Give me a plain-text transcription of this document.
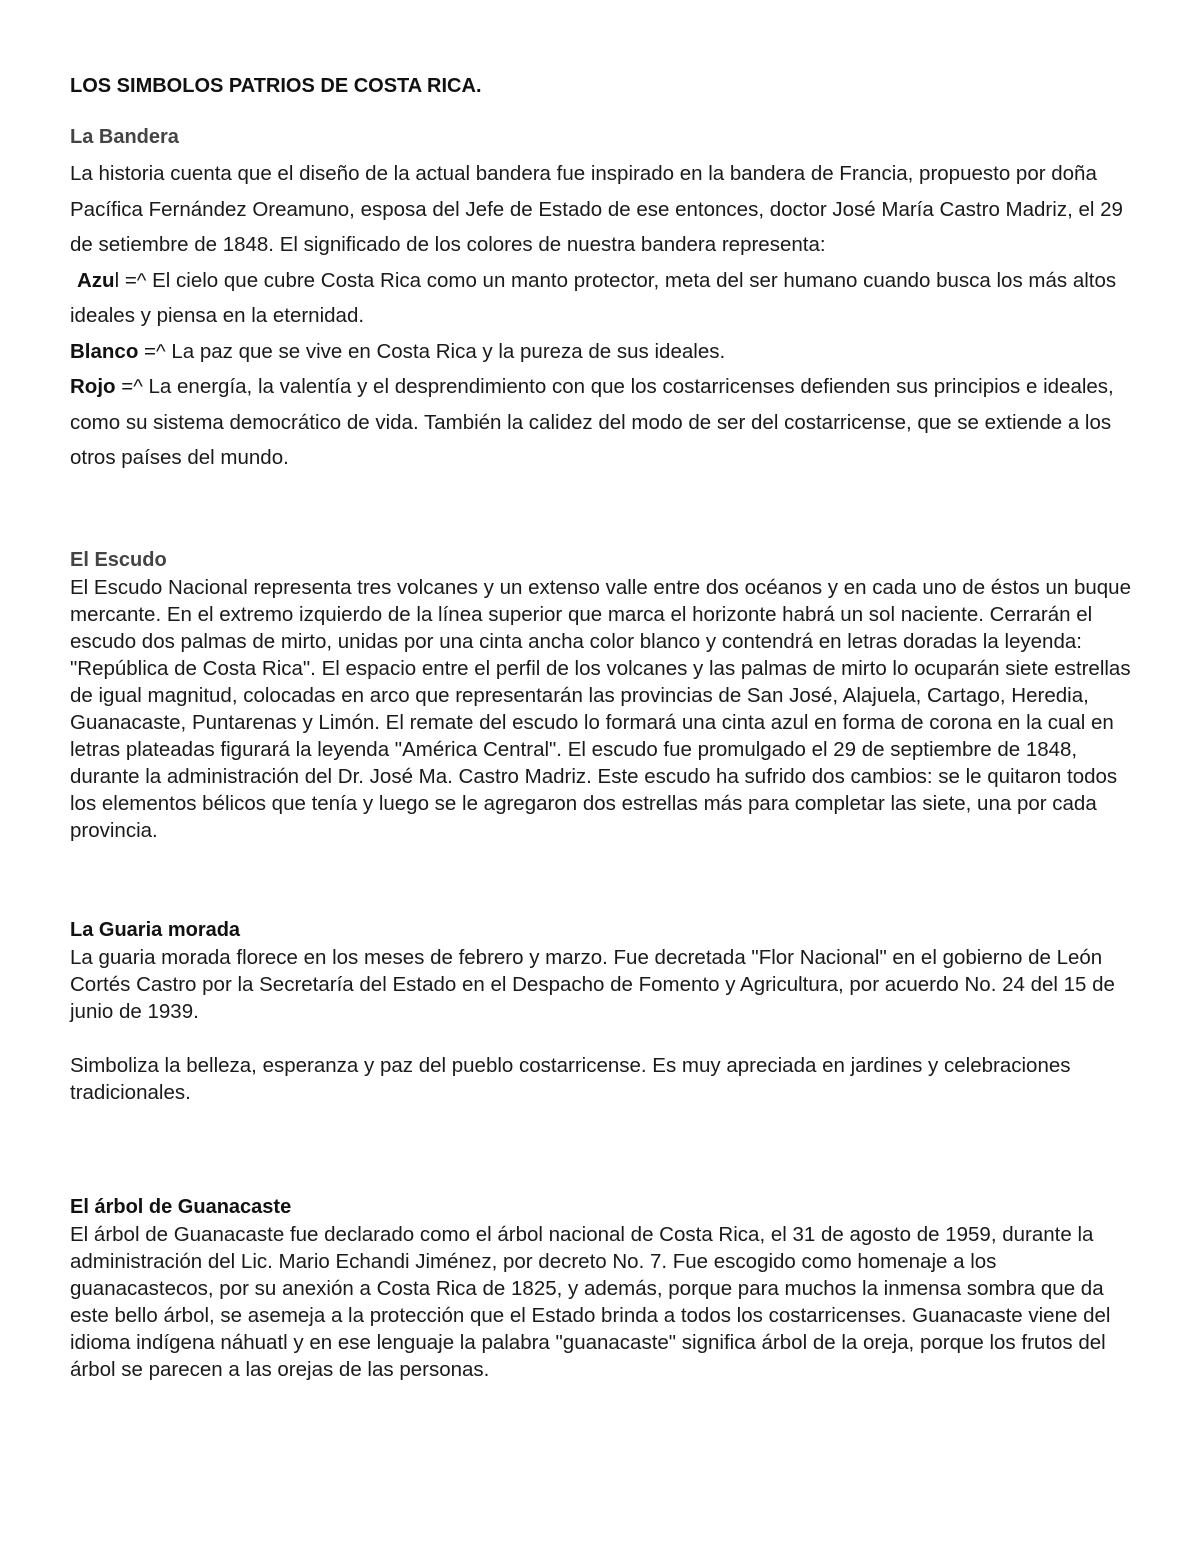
LOS SIMBOLOS PATRIOS DE COSTA RICA.
La Bandera

La historia cuenta que el diseño de la actual bandera fue inspirado en la bandera de Francia, propuesto por doña Pacífica Fernández Oreamuno, esposa del Jefe de Estado de ese entonces, doctor José María Castro Madriz, el 29 de setiembre de 1848. El significado de los colores de nuestra bandera representa:

Azul =^ El cielo que cubre Costa Rica como un manto protector, meta del ser humano cuando busca los más altos ideales y piensa en la eternidad.

Blanco =^ La paz que se vive en Costa Rica y la pureza de sus ideales.

Rojo =^ La energía, la valentía y el desprendimiento con que los costarricenses defienden sus principios e ideales, como su sistema democrático de vida. También la calidez del modo de ser del costarricense, que se extiende a los otros países del mundo.

El Escudo

El Escudo Nacional representa tres volcanes y un extenso valle entre dos océanos y en cada uno de éstos un buque mercante. En el extremo izquierdo de la línea superior que marca el horizonte habrá un sol naciente. Cerrarán el escudo dos palmas de mirto, unidas por una cinta ancha color blanco y contendrá en letras doradas la leyenda: "República de Costa Rica". El espacio entre el perfil de los volcanes y las palmas de mirto lo ocuparán siete estrellas de igual magnitud, colocadas en arco que representarán las provincias de San José, Alajuela, Cartago, Heredia, Guanacaste, Puntarenas y Limón. El remate del escudo lo formará una cinta azul en forma de corona en la cual en letras plateadas figurará la leyenda "América Central". El escudo fue promulgado el 29 de septiembre de 1848, durante la administración del Dr. José Ma. Castro Madriz. Este escudo ha sufrido dos cambios: se le quitaron todos los elementos bélicos que tenía y luego se le agregaron dos estrellas más para completar las siete, una por cada provincia.

La Guaria morada

La guaria morada florece en los meses de febrero y marzo. Fue decretada "Flor Nacional" en el gobierno de León Cortés Castro por la Secretaría del Estado en el Despacho de Fomento y Agricultura, por acuerdo No. 24 del 15 de junio de 1939.

Simboliza la belleza, esperanza y paz del pueblo costarricense. Es muy apreciada en jardines y celebraciones tradicionales.

El árbol de Guanacaste

El árbol de Guanacaste fue declarado como el árbol nacional de Costa Rica, el 31 de agosto de 1959, durante la administración del Lic. Mario Echandi Jiménez, por decreto No. 7. Fue escogido como homenaje a los guanacastecos, por su anexión a Costa Rica de 1825, y además, porque para muchos la inmensa sombra que da este bello árbol, se asemeja a la protección que el Estado brinda a todos los costarricenses. Guanacaste viene del idioma indígena náhuatl y en ese lenguaje la palabra "guanacaste" significa árbol de la oreja, porque los frutos del árbol se parecen a las orejas de las personas.
